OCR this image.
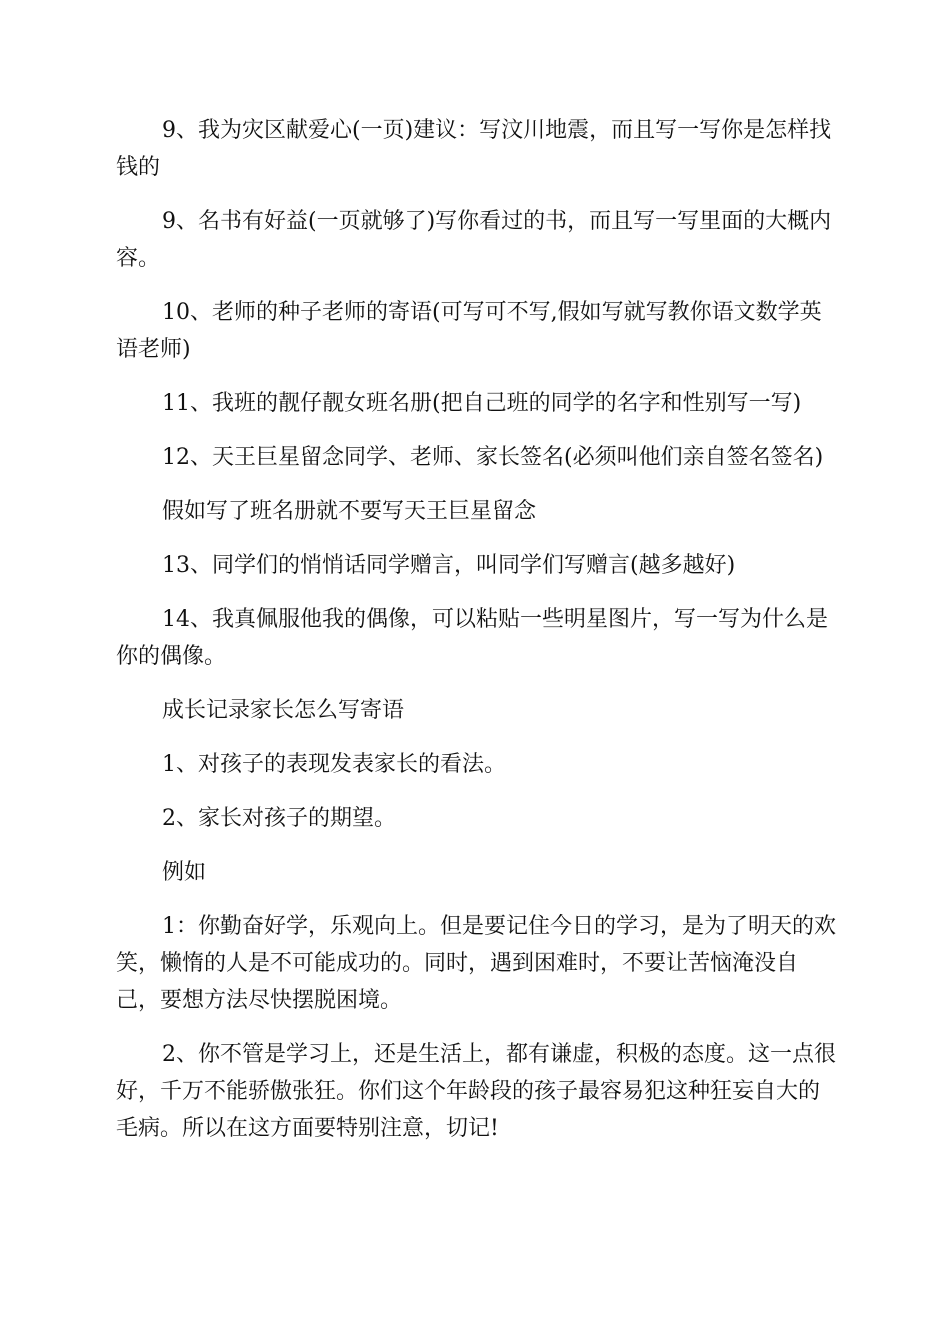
9、我为灾区献爱心(一页)建议：写汶川地震，而且写一写你是怎样找钱的

9、名书有好益(一页就够了)写你看过的书，而且写一写里面的大概内容。

10、老师的种子老师的寄语(可写可不写,假如写就写教你语文数学英语老师)

11、我班的靓仔靓女班名册(把自己班的同学的名字和性别写一写)

12、天王巨星留念同学、老师、家长签名(必须叫他们亲自签名签名)

假如写了班名册就不要写天王巨星留念

13、同学们的悄悄话同学赠言，叫同学们写赠言(越多越好)

14、我真佩服他我的偶像，可以粘贴一些明星图片，写一写为什么是你的偶像。

成长记录家长怎么写寄语

1、对孩子的表现发表家长的看法。

2、家长对孩子的期望。

例如

1：你勤奋好学，乐观向上。但是要记住今日的学习，是为了明天的欢笑，懒惰的人是不可能成功的。同时，遇到困难时，不要让苦恼淹没自己，要想方法尽快摆脱困境。

2、你不管是学习上，还是生活上，都有谦虚，积极的态度。这一点很好，千万不能骄傲张狂。你们这个年龄段的孩子最容易犯这种狂妄自大的毛病。所以在这方面要特别注意，切记!
